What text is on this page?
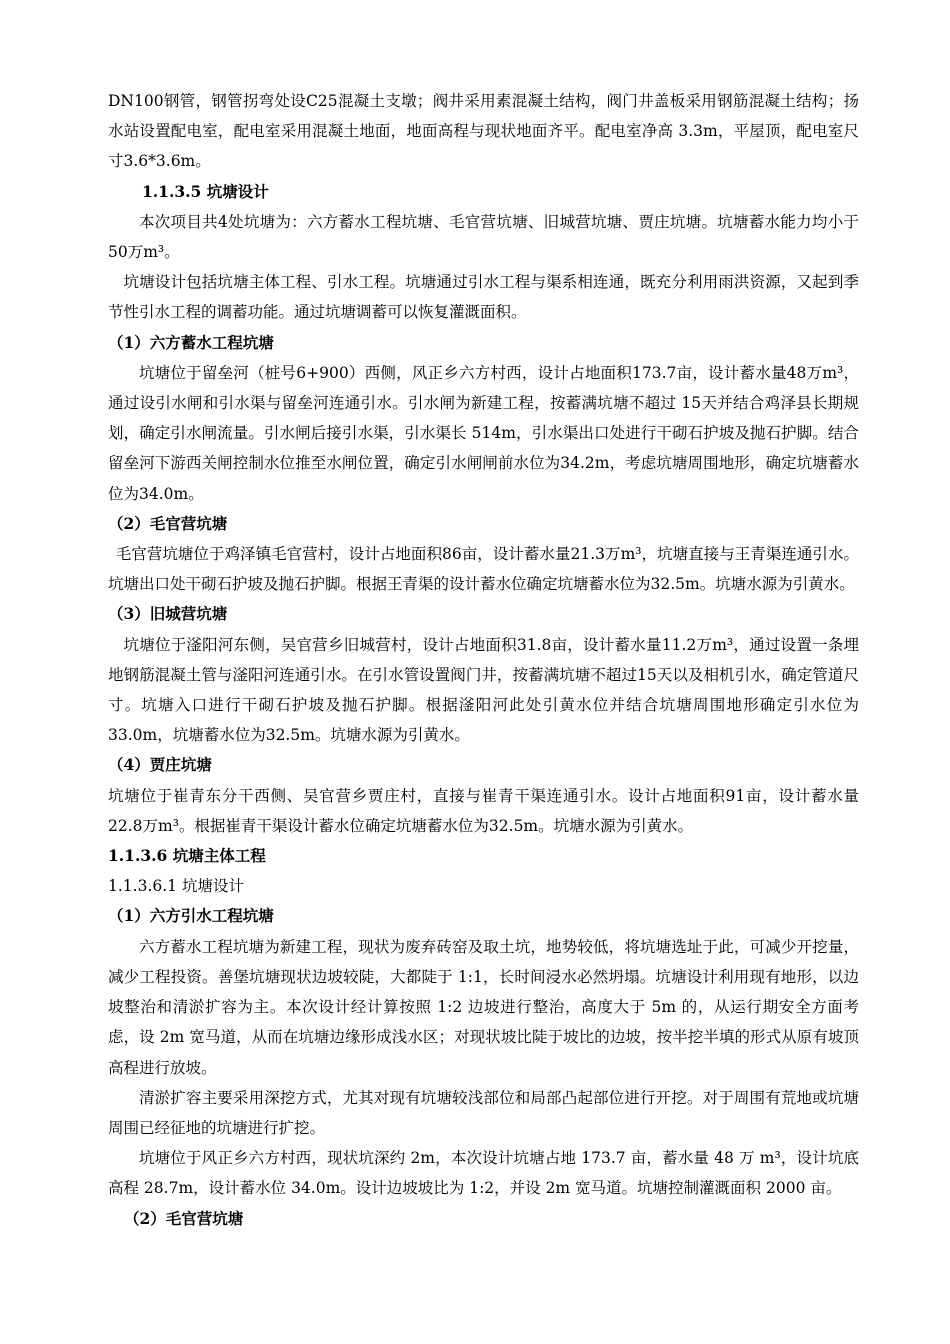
DN100钢管，钢管拐弯处设C25混凝土支墩；阀井采用素混凝土结构，阀门井盖板采用钢筋混凝土结构；扬水站设置配电室，配电室采用混凝土地面，地面高程与现状地面齐平。配电室净高 3.3m，平屋顶，配电室尺寸3.6*3.6m。

1.1.3.5 坑塘设计

本次项目共4处坑塘为：六方蓄水工程坑塘、毛官营坑塘、旧城营坑塘、贾庄坑塘。坑塘蓄水能力均小于50万m³。

坑塘设计包括坑塘主体工程、引水工程。坑塘通过引水工程与渠系相连通，既充分利用雨洪资源，又起到季节性引水工程的调蓄功能。通过坑塘调蓄可以恢复灌溉面积。

（1）六方蓄水工程坑塘

坑塘位于留垒河（桩号6+900）西侧，风正乡六方村西，设计占地面积173.7亩，设计蓄水量48万m³，通过设引水闸和引水渠与留垒河连通引水。引水闸为新建工程，按蓄满坑塘不超过 15天并结合鸡泽县长期规划，确定引水闸流量。引水闸后接引水渠，引水渠长 514m，引水渠出口处进行干砌石护坡及抛石护脚。结合留垒河下游西关闸控制水位推至水闸位置，确定引水闸闸前水位为34.2m，考虑坑塘周围地形，确定坑塘蓄水位为34.0m。

（2）毛官营坑塘

毛官营坑塘位于鸡泽镇毛官营村，设计占地面积86亩，设计蓄水量21.3万m³，坑塘直接与王青渠连通引水。坑塘出口处干砌石护坡及抛石护脚。根据王青渠的设计蓄水位确定坑塘蓄水位为32.5m。坑塘水源为引黄水。

（3）旧城营坑塘

坑塘位于滏阳河东侧，吴官营乡旧城营村，设计占地面积31.8亩，设计蓄水量11.2万m³，通过设置一条埋地钢筋混凝土管与滏阳河连通引水。在引水管设置阀门井，按蓄满坑塘不超过15天以及相机引水，确定管道尺寸。坑塘入口进行干砌石护坡及抛石护脚。根据滏阳河此处引黄水位并结合坑塘周围地形确定引水位为33.0m，坑塘蓄水位为32.5m。坑塘水源为引黄水。

（4）贾庄坑塘

坑塘位于崔青东分干西侧、吴官营乡贾庄村，直接与崔青干渠连通引水。设计占地面积91亩，设计蓄水量22.8万m³。根据崔青干渠设计蓄水位确定坑塘蓄水位为32.5m。坑塘水源为引黄水。

1.1.3.6 坑塘主体工程

1.1.3.6.1 坑塘设计

（1）六方引水工程坑塘

六方蓄水工程坑塘为新建工程，现状为废弃砖窑及取土坑，地势较低，将坑塘选址于此，可减少开挖量，减少工程投资。善堡坑塘现状边坡较陡，大都陡于 1:1，长时间浸水必然坍塌。坑塘设计利用现有地形，以边坡整治和清淤扩容为主。本次设计经计算按照 1:2 边坡进行整治，高度大于 5m 的，从运行期安全方面考虑，设 2m 宽马道，从而在坑塘边缘形成浅水区；对现状坡比陡于坡比的边坡，按半挖半填的形式从原有坡顶高程进行放坡。

清淤扩容主要采用深挖方式，尤其对现有坑塘较浅部位和局部凸起部位进行开挖。对于周围有荒地或坑塘周围已经征地的坑塘进行扩挖。

坑塘位于风正乡六方村西，现状坑深约 2m，本次设计坑塘占地 173.7 亩，蓄水量 48 万 m³，设计坑底高程 28.7m，设计蓄水位 34.0m。设计边坡坡比为 1:2，并设 2m 宽马道。坑塘控制灌溉面积 2000 亩。

（2）毛官营坑塘
